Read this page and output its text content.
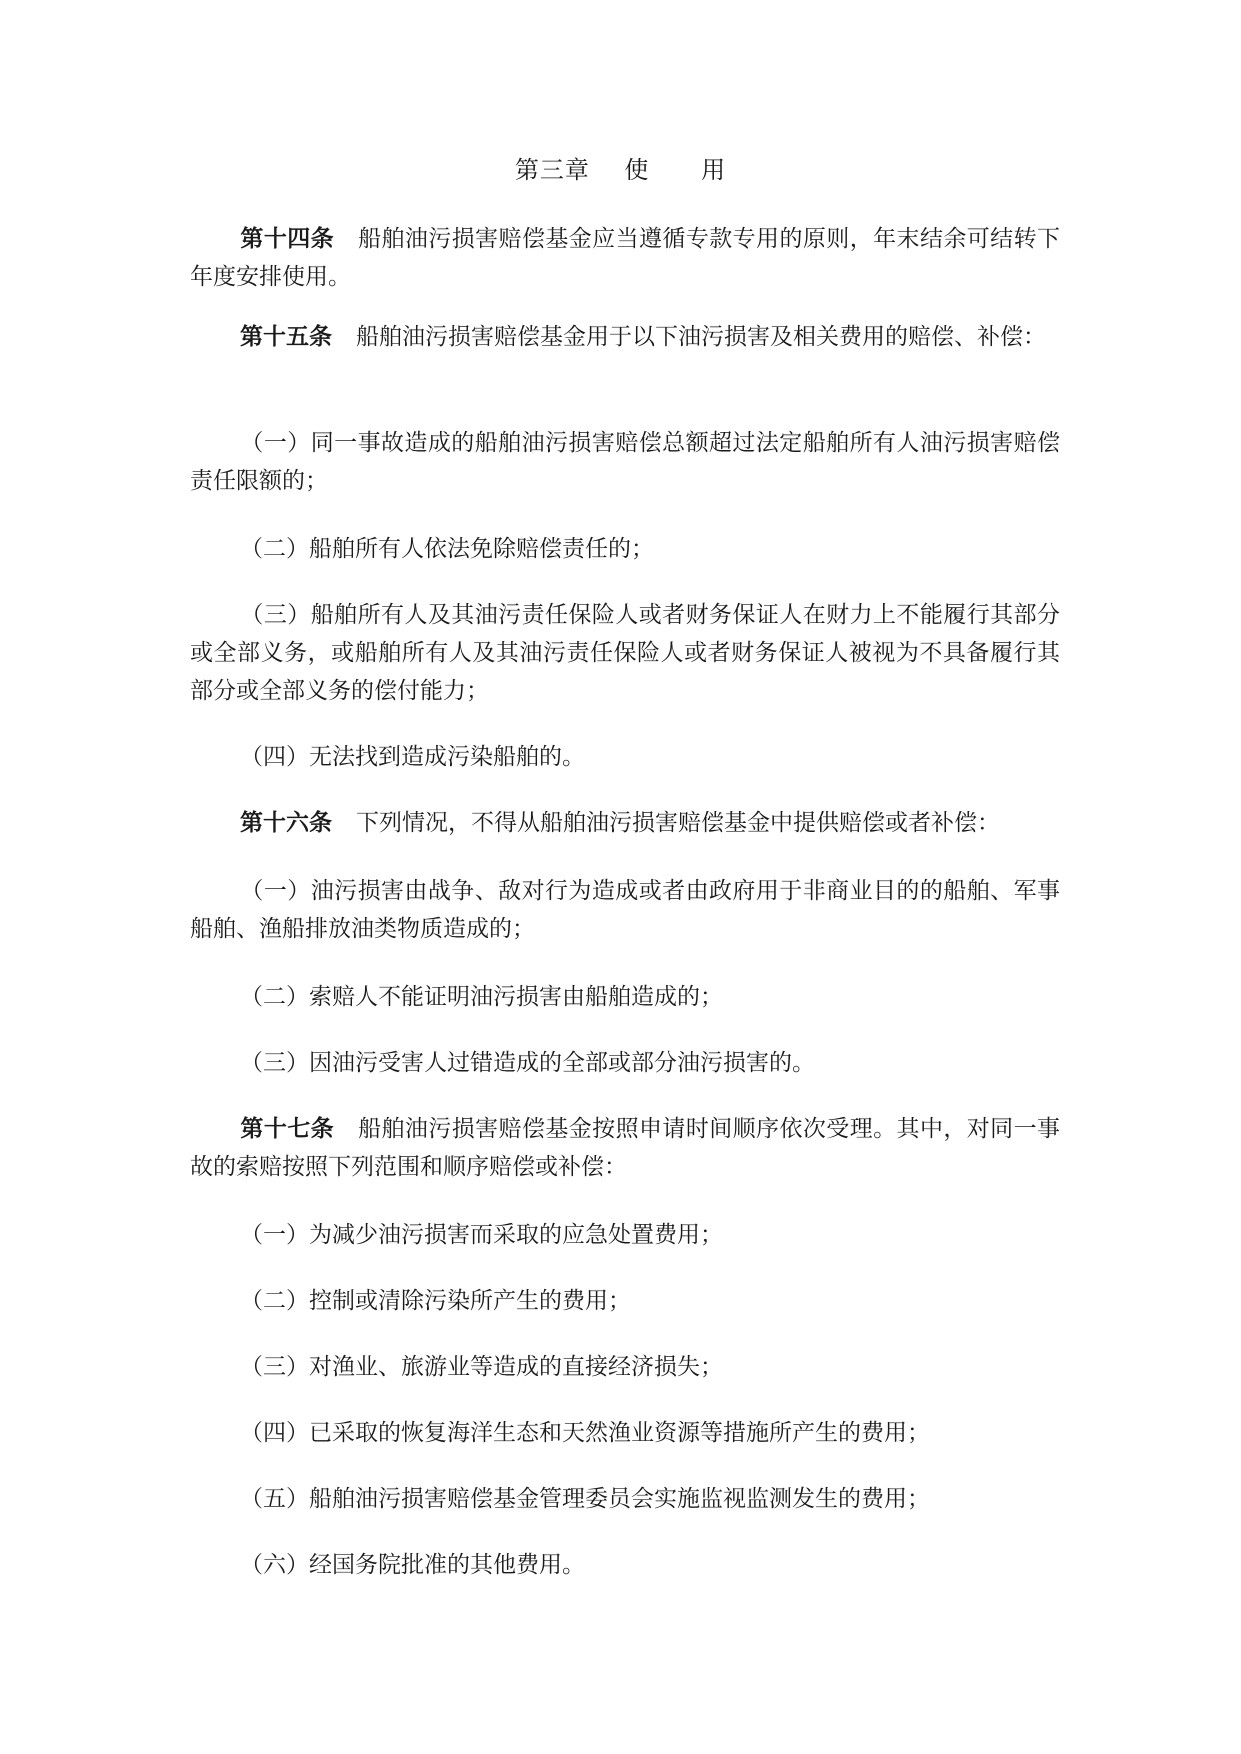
第三章    使      用
第十四条 船舶油污损害赔偿基金应当遵循专款专用的原则，年末结余可结转下年度安排使用。
第十五条 船舶油污损害赔偿基金用于以下油污损害及相关费用的赔偿、补偿：
（一）同一事故造成的船舶油污损害赔偿总额超过法定船舶所有人油污损害赔偿责任限额的；
（二）船舶所有人依法免除赔偿责任的；
（三）船舶所有人及其油污责任保险人或者财务保证人在财力上不能履行其部分或全部义务，或船舶所有人及其油污责任保险人或者财务保证人被视为不具备履行其部分或全部义务的偿付能力；
（四）无法找到造成污染船舶的。
第十六条 下列情况，不得从船舶油污损害赔偿基金中提供赔偿或者补偿：
（一）油污损害由战争、敌对行为造成或者由政府用于非商业目的的船舶、军事船舶、渔船排放油类物质造成的；
（二）索赔人不能证明油污损害由船舶造成的；
（三）因油污受害人过错造成的全部或部分油污损害的。
第十七条 船舶油污损害赔偿基金按照申请时间顺序依次受理。其中，对同一事故的索赔按照下列范围和顺序赔偿或补偿：
（一）为减少油污损害而采取的应急处置费用；
（二）控制或清除污染所产生的费用；
（三）对渔业、旅游业等造成的直接经济损失；
（四）已采取的恢复海洋生态和天然渔业资源等措施所产生的费用；
（五）船舶油污损害赔偿基金管理委员会实施监视监测发生的费用；
（六）经国务院批准的其他费用。
